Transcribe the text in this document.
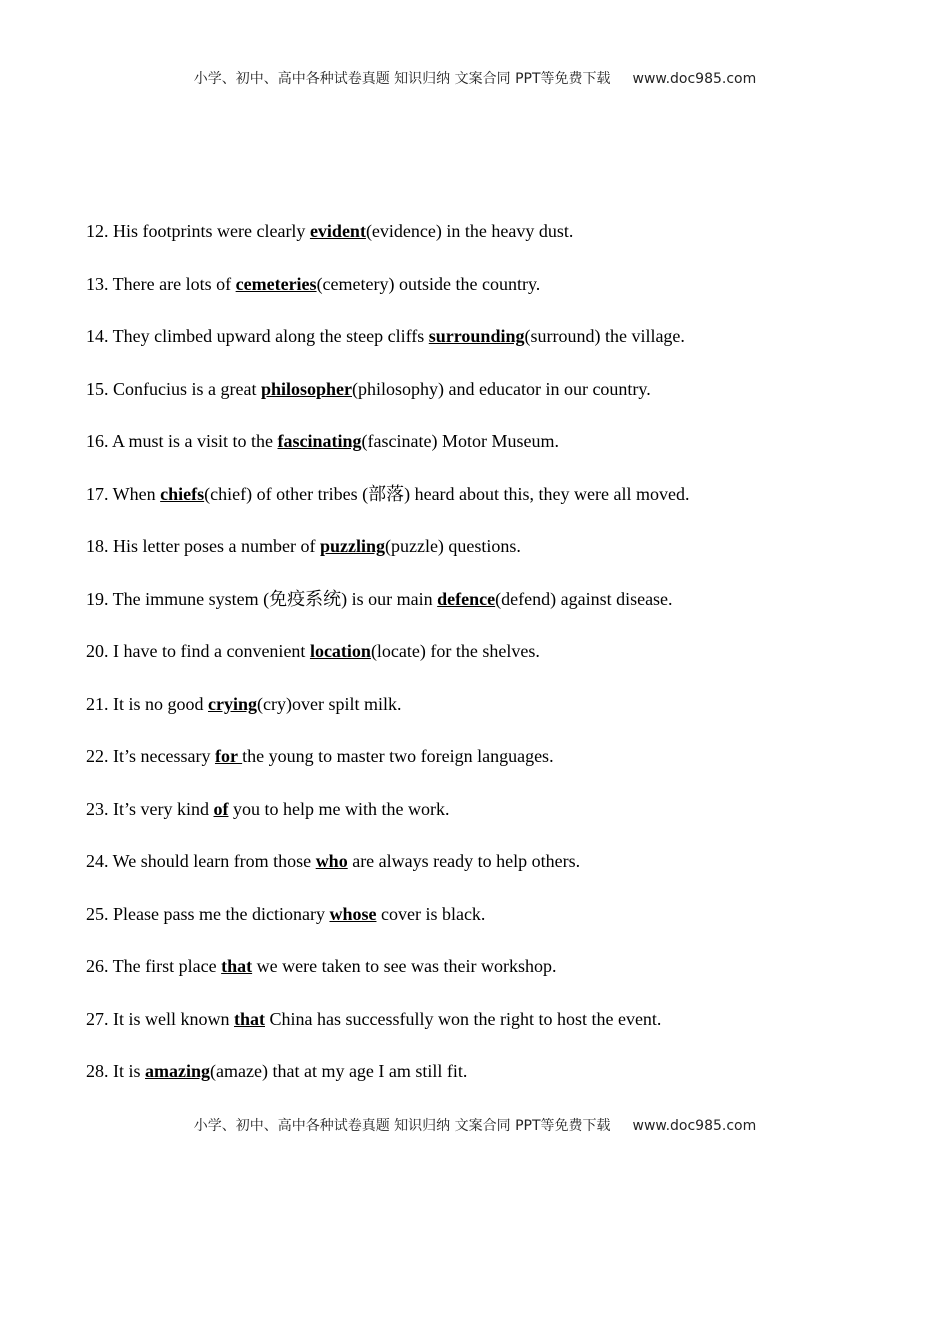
小学、初中、高中各种试卷真题 知识归纳 文案合同 PPT等免费下载 www.doc985.com
12. His footprints were clearly evident(evidence) in the heavy dust.
13. There are lots of cemeteries(cemetery) outside the country.
14. They climbed upward along the steep cliffs surrounding(surround) the village.
15. Confucius is a great philosopher(philosophy) and educator in our country.
16. A must is a visit to the fascinating(fascinate) Motor Museum.
17. When chiefs(chief) of other tribes (部落) heard about this, they were all moved.
18. His letter poses a number of puzzling(puzzle) questions.
19. The immune system (免疫系统) is our main defence(defend) against disease.
20. I have to find a convenient location(locate) for the shelves.
21. It is no good crying(cry)over spilt milk.
22. It’s necessary for the young to master two foreign languages.
23. It’s very kind of you to help me with the work.
24. We should learn from those who are always ready to help others.
25. Please pass me the dictionary whose cover is black.
26. The first place that we were taken to see was their workshop.
27. It is well known that China has successfully won the right to host the event.
28. It is amazing(amaze) that at my age I am still fit.
小学、初中、高中各种试卷真题 知识归纳 文案合同 PPT等免费下载 www.doc985.com
